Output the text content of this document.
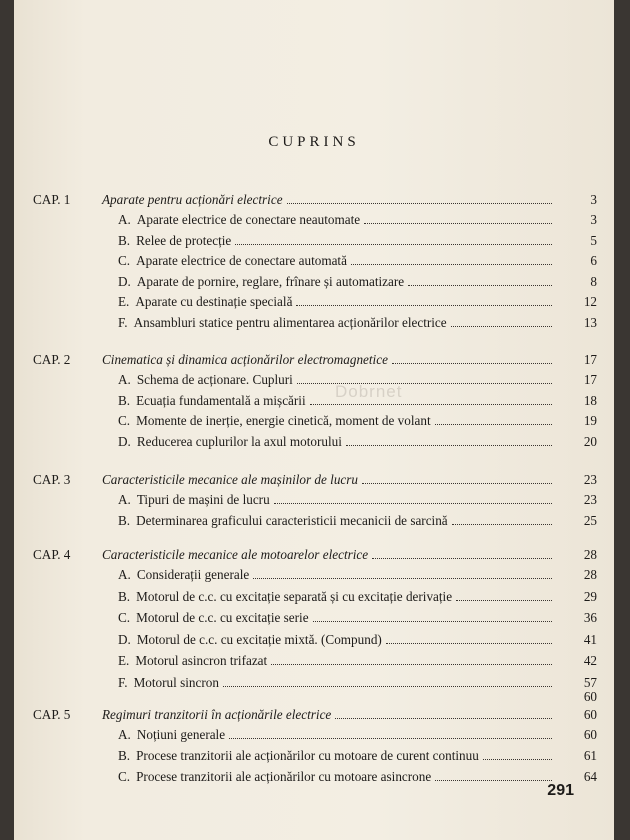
CUPRINS
Dobrnet
CAP. 1	Aparate pentru acționări electrice	3
A. Aparate electrice de conectare neautomate	3
B. Relee de protecție	5
C. Aparate electrice de conectare automată	6
D. Aparate de pornire, reglare, frînare și automatizare	8
E. Aparate cu destinație specială	12
F. Ansambluri statice pentru alimentarea acționărilor electrice	13
CAP. 2	Cinematica și dinamica acționărilor electromagnetice	17
A. Schema de acționare. Cupluri	17
B. Ecuația fundamentală a mișcării	18
C. Momente de inerție, energie cinetică, moment de volant	19
D. Reducerea cuplurilor la axul motorului	20
CAP. 3	Caracteristicile mecanice ale mașinilor de lucru	23
A. Tipuri de mașini de lucru	23
B. Determinarea graficului caracteristicii mecanicii de sarcină	25
CAP. 4	Caracteristicile mecanice ale motoarelor electrice	28
A. Considerații generale	28
B. Motorul de c.c. cu excitație separată și cu excitație derivație	29
C. Motorul de c.c. cu excitație serie	36
D. Motorul de c.c. cu excitație mixtă. (Compund)	41
E. Motorul asincron trifazat	42
F. Motorul sincron	57
CAP. 5	Regimuri tranzitorii în acționările electrice	60
60
A. Noțiuni generale	60
B. Procese tranzitorii ale acționărilor cu motoare de curent continuu	61
C. Procese tranzitorii ale acționărilor cu motoare asincrone	64
291
